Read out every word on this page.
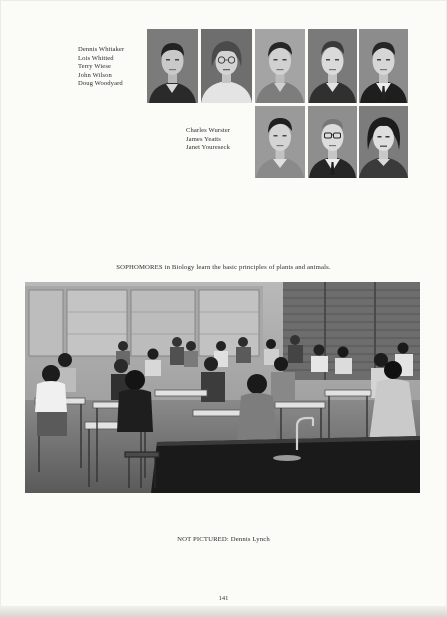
Dennis Whitaker
Lois Whitted
Terry Wiese
John Wilson
Doug Woodyard
Charles Wurster
James Yeatts
Janet Youreseck
SOPHOMORES in Biology learn the basic principles of plants and animals.
NOT PICTURED: Dennis Lynch
141
